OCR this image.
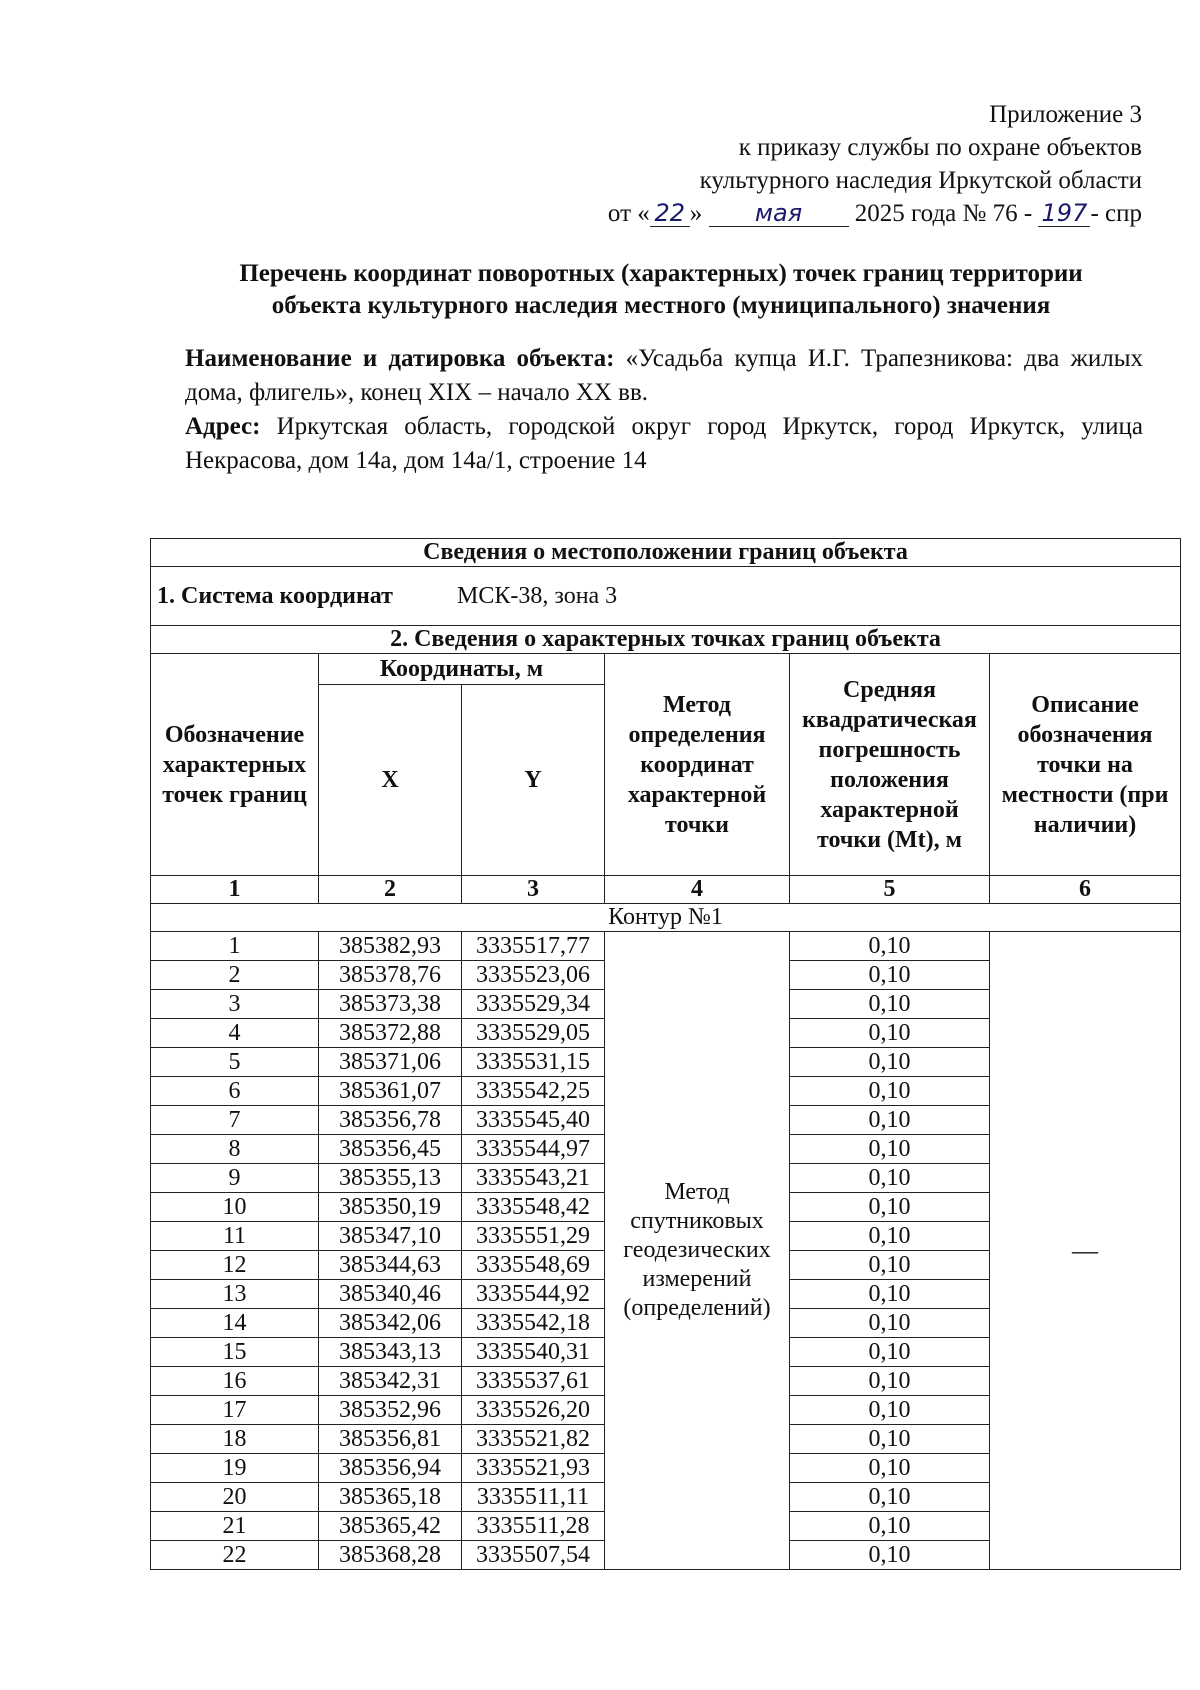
Приложение 3
к приказу службы по охране объектов
культурного наследия Иркутской области
от « 22 » мая 2025 года № 76 - 197 - спр
Перечень координат поворотных (характерных) точек границ территории
объекта культурного наследия местного (муниципального) значения

Наименование и датировка объекта: «Усадьба купца И.Г. Трапезникова: два жилых дома, флигель», конец XIX – начало XX вв.

Адрес: Иркутская область, городской округ город Иркутск, город Иркутск, улица Некрасова, дом 14а, дом 14а/1, строение 14

Сведения о местоположении границ объекта					

1. Система координат МСК-38, зона 3					

2. Сведения о характерных точках границ объекта					
Обозначение характерных точек границ	Координаты, м		Метод определения координат характерной точки	Средняя квадратическая погрешность положения характерной точки (Mt), м	Описание обозначения точки на местности (при наличии)
	X	Y			
1	2	3	4	5	6
Контур №1					
1	385382,93	3335517,77	Метод спутниковых геодезических измерений (определений)	0,10	—
2	385378,76	3335523,06		0,10	
3	385373,38	3335529,34		0,10	
4	385372,88	3335529,05		0,10	
5	385371,06	3335531,15		0,10	
6	385361,07	3335542,25		0,10	
7	385356,78	3335545,40		0,10	
8	385356,45	3335544,97		0,10	
9	385355,13	3335543,21		0,10	
10	385350,19	3335548,42		0,10	
11	385347,10	3335551,29		0,10	
12	385344,63	3335548,69		0,10	
13	385340,46	3335544,92		0,10	
14	385342,06	3335542,18		0,10	
15	385343,13	3335540,31		0,10	
16	385342,31	3335537,61		0,10	
17	385352,96	3335526,20		0,10	
18	385356,81	3335521,82		0,10	
19	385356,94	3335521,93		0,10	
20	385365,18	3335511,11		0,10	
21	385365,42	3335511,28		0,10	
22	385368,28	3335507,54		0,10	
